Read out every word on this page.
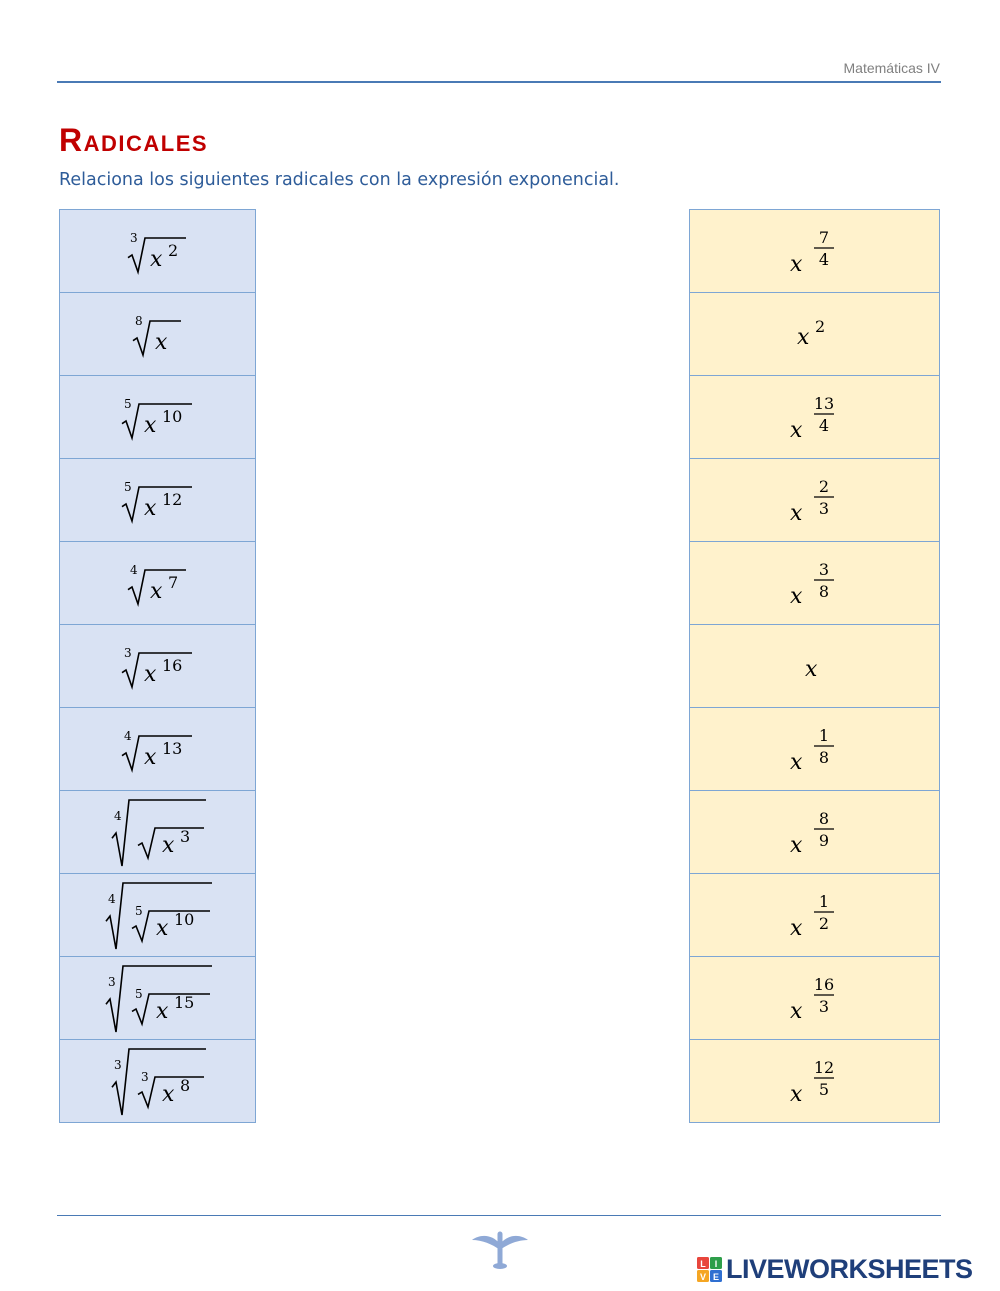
Matemáticas IV
RADICALES

Relaciona los siguientes radicales con la expresión exponencial.

3
x 2
8
x
5
x 10
5
x 12
4
x 7
3
x 16
4
x 13
4
x 3
4
5
x 10
3
5
x 15
3
3
x 8
x
7
4
x 2
x
13
4
x
2
3
x
3
8
x
x
1
8
x
8
9
x
1
2
x
16
3
x
12
5
L I
V E LIVEWORKSHEETS
